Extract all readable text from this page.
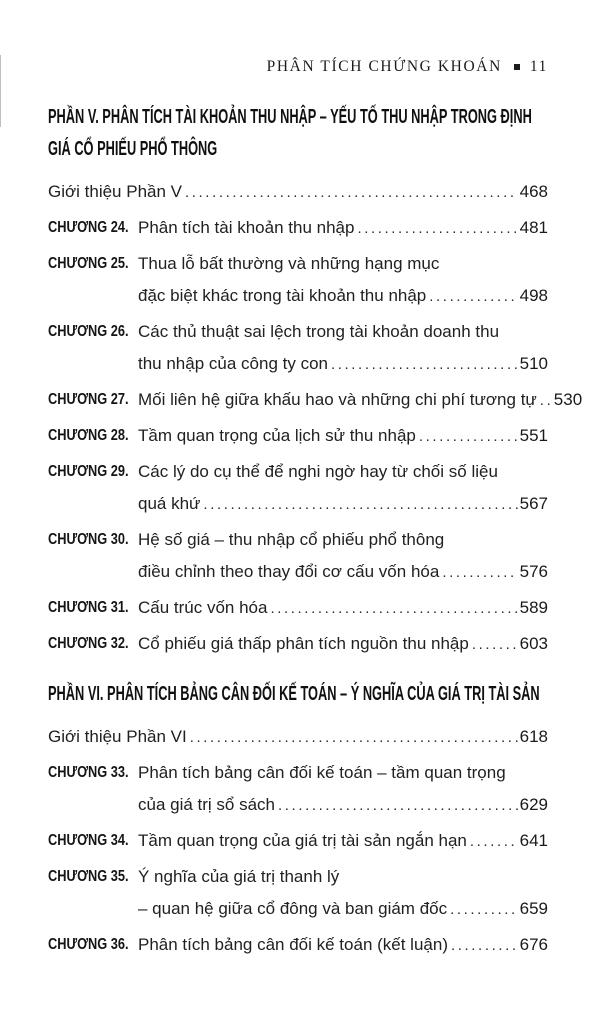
PHÂN TÍCH CHỨNG KHOÁN 11
PHẦN V. PHÂN TÍCH TÀI KHOẢN THU NHẬP – YẾU TỐ THU NHẬP TRONG ĐỊNH
GIÁ CỔ PHIẾU PHỔ THÔNG
Giới thiệu Phần V .....	468
CHƯƠNG 24. Phân tích tài khoản thu nhập .....	481
CHƯƠNG 25. Thua lỗ bất thường và những hạng mục
đặc biệt khác trong tài khoản thu nhập .....	498
CHƯƠNG 26. Các thủ thuật sai lệch trong tài khoản doanh thu
thu nhập của công ty con .....	510
CHƯƠNG 27. Mối liên hệ giữa khấu hao và những chi phí tương tự ..... 530
CHƯƠNG 28. Tầm quan trọng của lịch sử thu nhập .....	551
CHƯƠNG 29. Các lý do cụ thể để nghi ngờ hay từ chối số liệu
quá khứ .....	567
CHƯƠNG 30. Hệ số giá – thu nhập cổ phiếu phổ thông
điều chỉnh theo thay đổi cơ cấu vốn hóa .....	576
CHƯƠNG 31. Cấu trúc vốn hóa .....	589
CHƯƠNG 32. Cổ phiếu giá thấp phân tích nguồn thu nhập .....	603
PHẦN VI. PHÂN TÍCH BẢNG CÂN ĐỐI KẾ TOÁN – Ý NGHĨA CỦA GIÁ TRỊ TÀI SẢN
Giới thiệu Phần VI .....	618
CHƯƠNG 33. Phân tích bảng cân đối kế toán – tầm quan trọng
của giá trị sổ sách .....	629
CHƯƠNG 34. Tầm quan trọng của giá trị tài sản ngắn hạn .....	641
CHƯƠNG 35. Ý nghĩa của giá trị thanh lý
– quan hệ giữa cổ đông và ban giám đốc .....	659
CHƯƠNG 36. Phân tích bảng cân đối kế toán (kết luận) .....	676
